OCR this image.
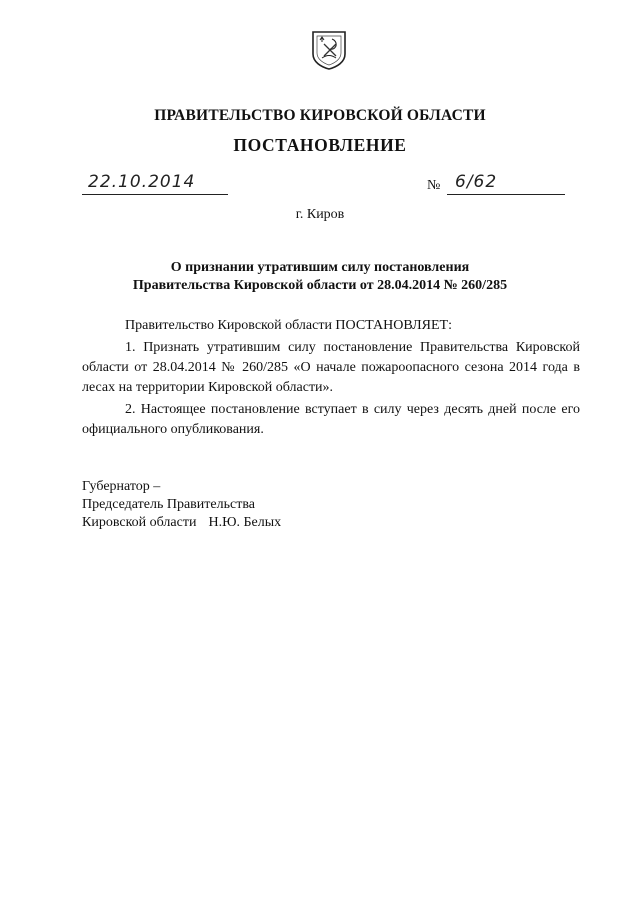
ПРАВИТЕЛЬСТВО КИРОВСКОЙ ОБЛАСТИ
ПОСТАНОВЛЕНИЕ
22.10.2014	№ 6/62
г. Киров
О признании утратившим силу постановления
Правительства Кировской области от 28.04.2014 № 260/285

Правительство Кировской области ПОСТАНОВЛЯЕТ:

1. Признать утратившим силу постановление Правительства Кировской области от 28.04.2014 № 260/285 «О начале пожароопасного сезона 2014 года в лесах на территории Кировской области».

2. Настоящее постановление вступает в силу через десять дней после его официального опубликования.

Губернатор –
Председатель Правительства
Кировской области Н.Ю. Белых
